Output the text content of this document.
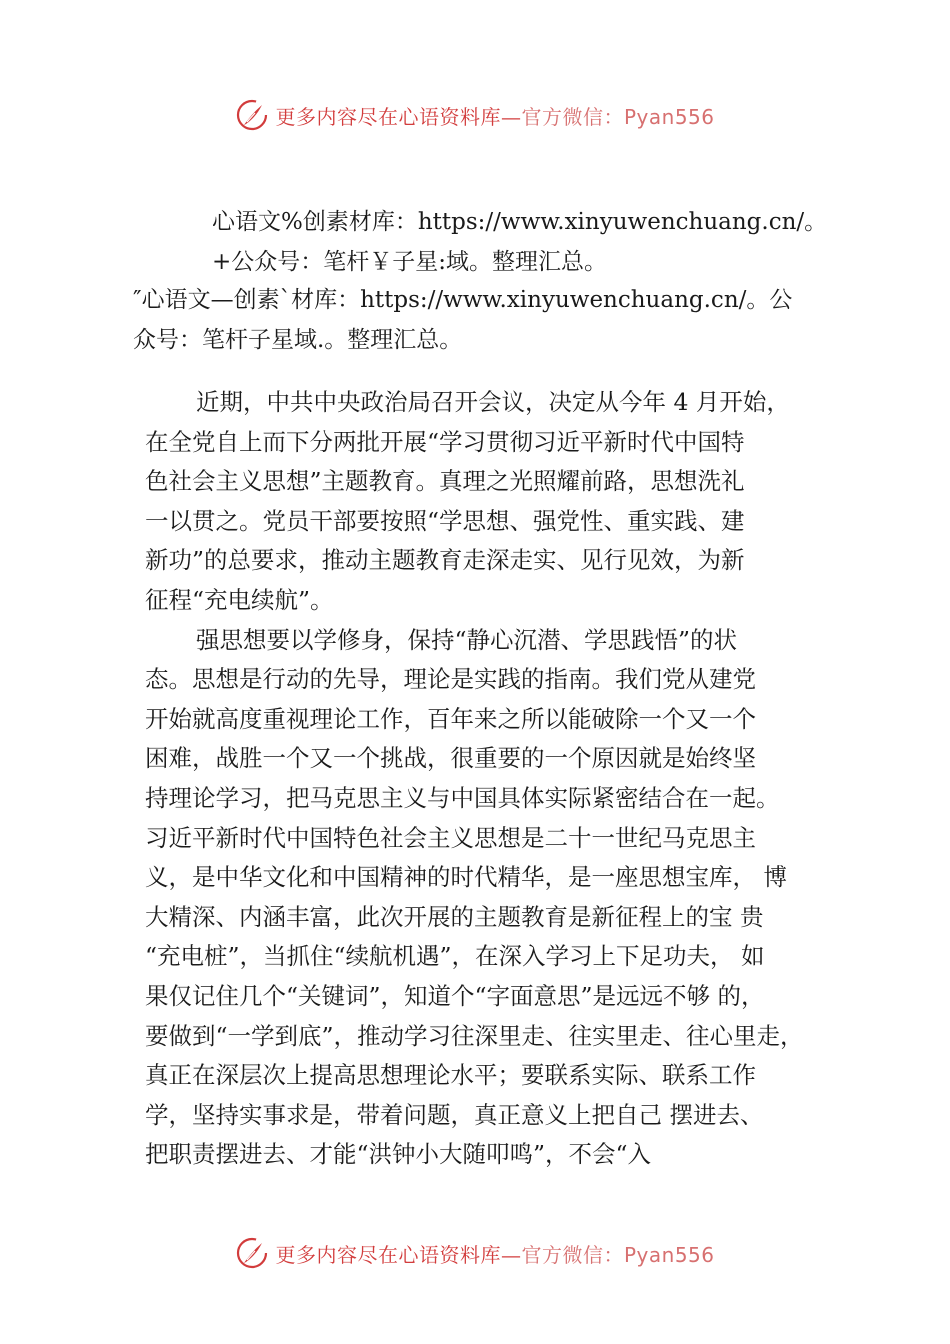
更多内容尽在心语资料库—官方微信：Pyan556
心语文%创素材库：https://www.xinyuwenchuang.cn/。
+公众号：笔杆￥子星:域。整理汇总。
″心语文—创素`材库：https://www.xinyuwenchuang.cn/。公
众号：笔杆子星域.。整理汇总。
近期，中共中央政治局召开会议，决定从今年 4 月开始，
在全党自上而下分两批开展“学习贯彻习近平新时代中国特
色社会主义思想”主题教育。真理之光照耀前路，思想洗礼
一以贯之。党员干部要按照“学思想、强党性、重实践、建
新功”的总要求，推动主题教育走深走实、见行见效，为新
征程“充电续航”。
强思想要以学修身，保持“静心沉潜、学思践悟”的状
态。思想是行动的先导，理论是实践的指南。我们党从建党
开始就高度重视理论工作，百年来之所以能破除一个又一个
困难，战胜一个又一个挑战，很重要的一个原因就是始终坚
持理论学习，把马克思主义与中国具体实际紧密结合在一起。
习近平新时代中国特色社会主义思想是二十一世纪马克思主
义，是中华文化和中国精神的时代精华，是一座思想宝库， 博
大精深、内涵丰富，此次开展的主题教育是新征程上的宝 贵
“充电桩”，当抓住“续航机遇”，在深入学习上下足功夫， 如
果仅记住几个“关键词”，知道个“字面意思”是远远不够 的，
要做到“一学到底”，推动学习往深里走、往实里走、往心里走，
真正在深层次上提高思想理论水平；要联系实际、联系工作
学，坚持实事求是，带着问题，真正意义上把自己 摆进去、
把职责摆进去、才能“洪钟小大随叩鸣”，不会“入
更多内容尽在心语资料库—官方微信：Pyan556
